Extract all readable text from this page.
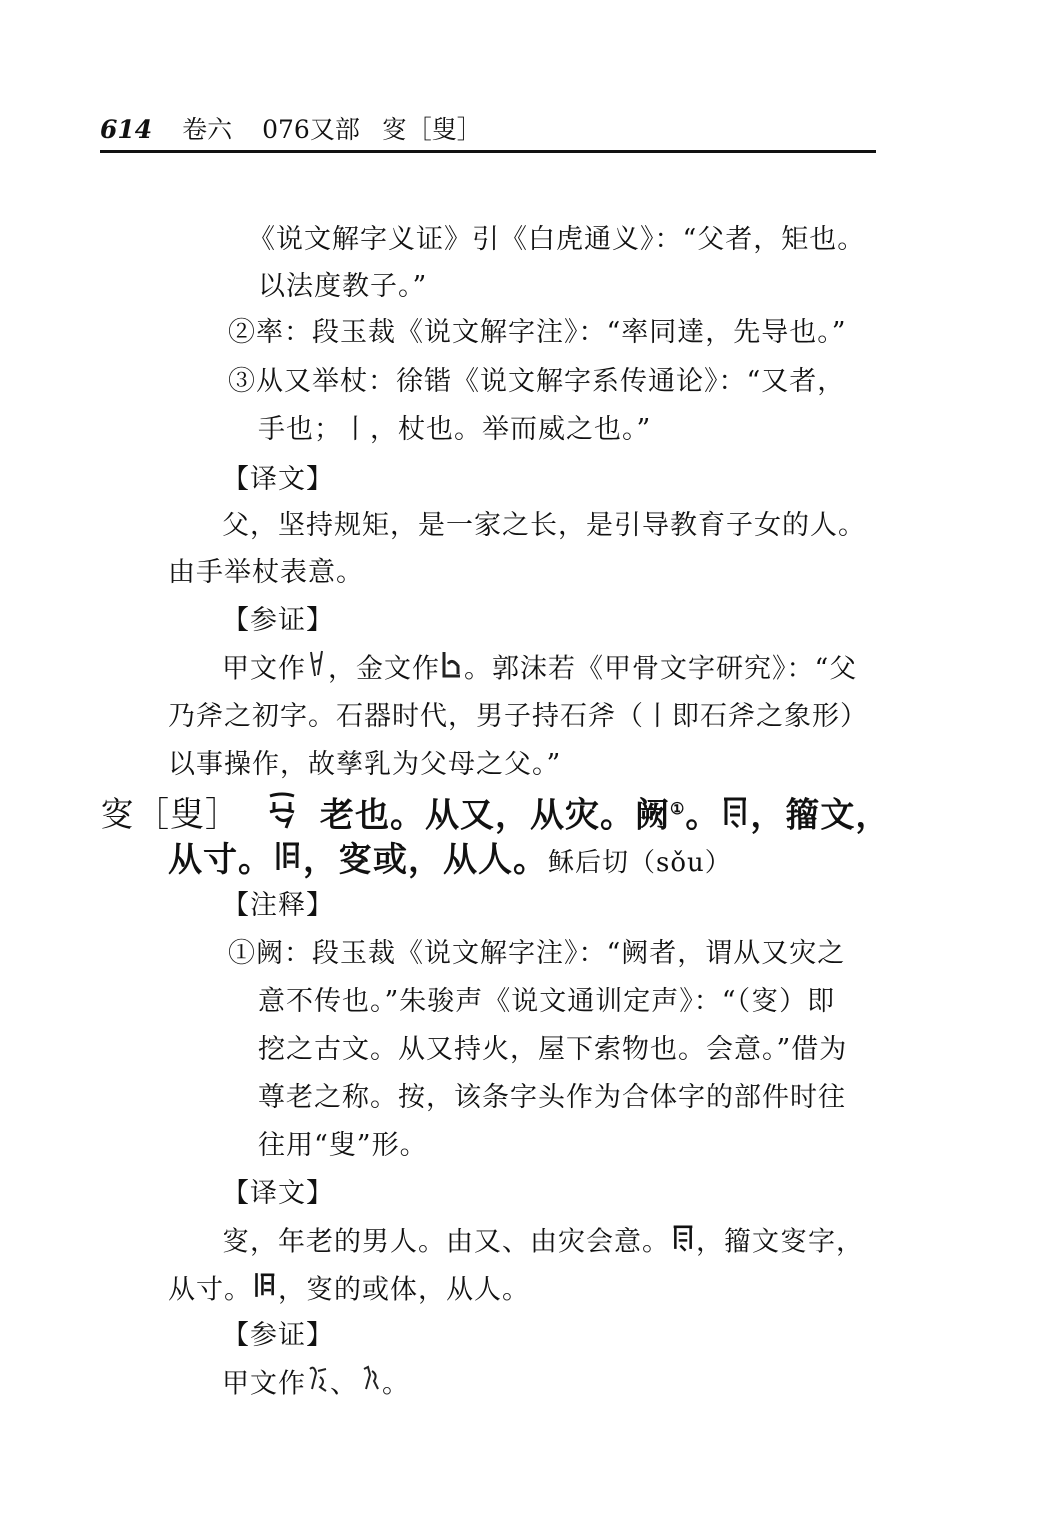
614 卷六 076又部 叜［叟］
《说文解字义证》引《白虎通义》：“父者，矩也。
以法度教子。”
②率：段玉裁《说文解字注》：“率同達，先导也。”
③从又举杖：徐锴《说文解字系传通论》：“又者，
手也；丨，杖也。举而威之也。”
【译文】
父，坚持规矩，是一家之长，是引导教育子女的人。
由手举杖表意。
【参证】
甲文作 ，金文作 。郭沫若《甲骨文字研究》：“父
乃斧之初字。石器时代，男子持石斧（丨即石斧之象形）
以事操作，故孳乳为父母之父。”
叜［叟］ 老也。从又，从灾。阙①。 ，籀文，
从寸。 ，叜或，从人。稣后切（sǒu）
【注释】
①阙：段玉裁《说文解字注》：“阙者，谓从又灾之
意不传也。”朱骏声《说文通训定声》：“（叜）即
挖之古文。从又持火，屋下索物也。会意。”借为
尊老之称。按，该条字头作为合体字的部件时往
往用“叟”形。
【译文】
叜，年老的男人。由又、由灾会意。 ，籀文叜字，
从寸。 ，叜的或体，从人。
【参证】
甲文作 、 。
